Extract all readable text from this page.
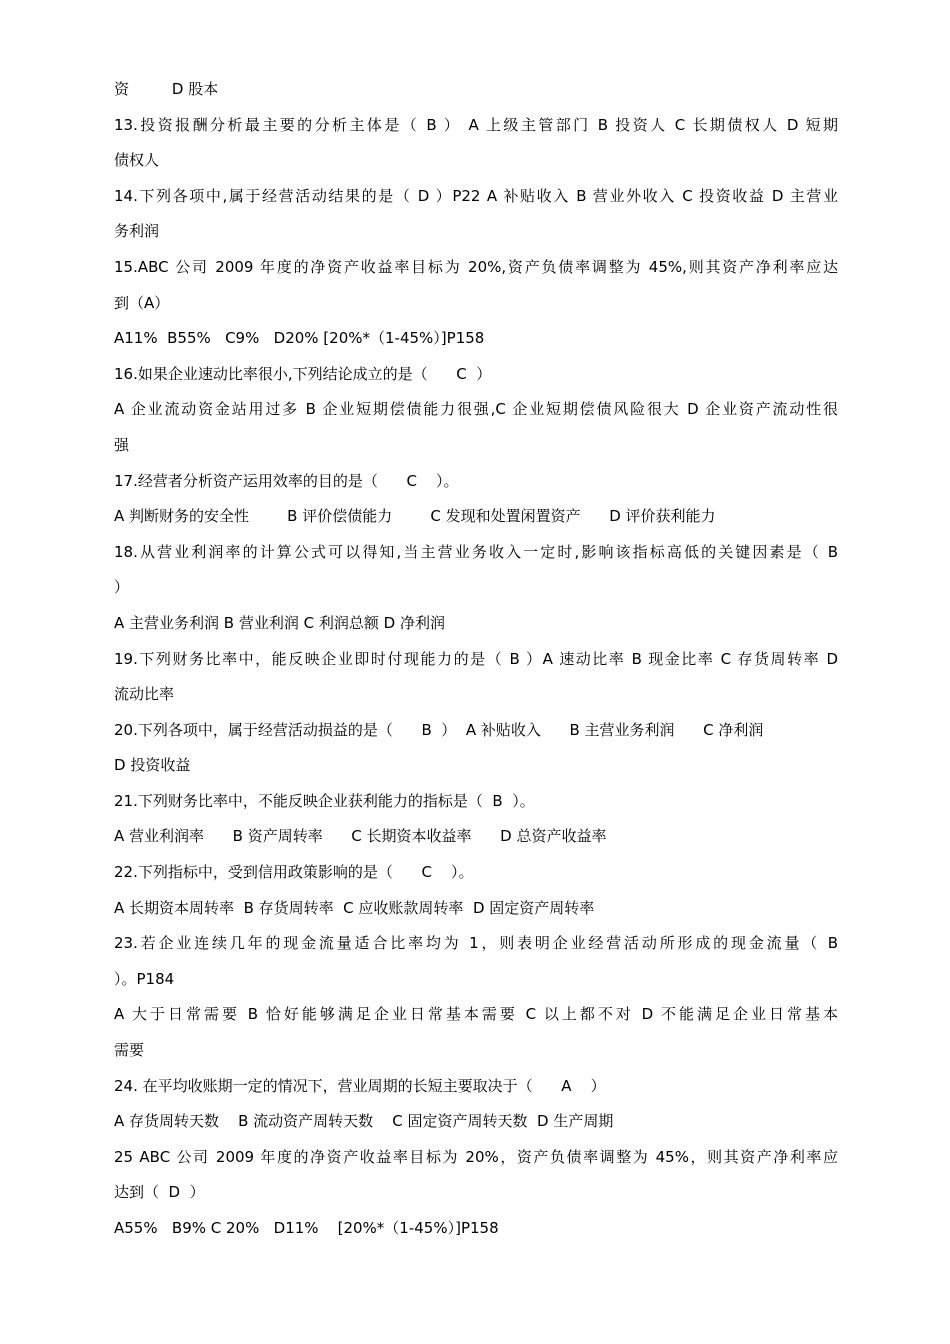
资         D 股本
13.投资报酬分析最主要的分析主体是（ B ） A 上级主管部门 B 投资人 C 长期债权人 D 短期
债权人
14.下列各项中,属于经营活动结果的是（ D ）P22 A 补贴收入 B 营业外收入 C 投资收益 D 主营业
务利润
15.ABC 公司 2009 年度的净资产收益率目标为 20%,资产负债率调整为 45%,则其资产净利率应达
到（A）
A11%  B55%   C9%   D20% [20%*（1-45%）]P158
16.如果企业速动比率很小,下列结论成立的是（      C  ）
A 企业流动资金站用过多 B 企业短期偿债能力很强,C 企业短期偿债风险很大 D 企业资产流动性很
强
17.经营者分析资产运用效率的目的是（      C    ）。
A 判断财务的安全性        B 评价偿债能力        C 发现和处置闲置资产      D 评价获利能力
18.从营业利润率的计算公式可以得知,当主营业务收入一定时,影响该指标高低的关键因素是（ B
）
A 主营业务利润 B 营业利润 C 利润总额 D 净利润
19.下列财务比率中，能反映企业即时付现能力的是（ B ）A 速动比率 B 现金比率 C 存货周转率 D
流动比率
20.下列各项中，属于经营活动损益的是（      B  ）  A 补贴收入      B 主营业务利润      C 净利润
D 投资收益
21.下列财务比率中，不能反映企业获利能力的指标是（  B  ）。
A 营业利润率      B 资产周转率      C 长期资本收益率      D 总资产收益率
22.下列指标中，受到信用政策影响的是（      C    ）。
A 长期资本周转率  B 存货周转率  C 应收账款周转率  D 固定资产周转率
23.若企业连续几年的现金流量适合比率均为 1，则表明企业经营活动所形成的现金流量（ B
）。P184
A 大于日常需要 B 恰好能够满足企业日常基本需要 C 以上都不对 D 不能满足企业日常基本
需要
24. 在平均收账期一定的情况下，营业周期的长短主要取决于（      A    ）
A 存货周转天数    B 流动资产周转天数    C 固定资产周转天数  D 生产周期
25 ABC 公司 2009 年度的净资产收益率目标为 20%，资产负债率调整为 45%，则其资产净利率应
达到（  D  ）
A55%   B9% C 20%   D11%    [20%*（1-45%）]P158
